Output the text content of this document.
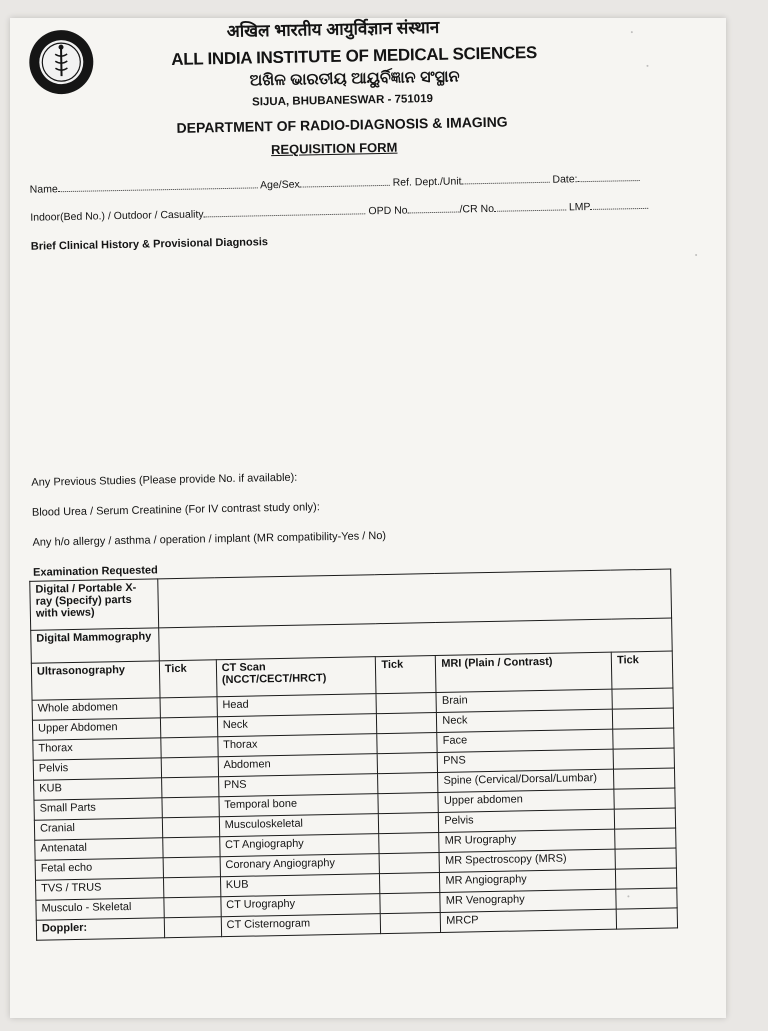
अखिल भारतीय आयुर्विज्ञान संस्थान
ALL INDIA INSTITUTE OF MEDICAL SCIENCES
ଅଖିଳ ଭାରତୀୟ ଆୟୁର୍ବିଜ୍ଞାନ ସଂସ୍ଥାନ
SIJUA, BHUBANESWAR - 751019
DEPARTMENT OF RADIO-DIAGNOSIS & IMAGING
REQUISITION FORM
Name	Age/Sex	Ref. Dept./Unit	Date:
Indoor(Bed No.) / Outdoor / Casuality	OPD No	/CR No	LMP
Brief Clinical History & Provisional Diagnosis
Any Previous Studies (Please provide No. if available):
Blood Urea / Serum Creatinine (For IV contrast study only):
Any h/o allergy / asthma / operation / implant (MR compatibility-Yes / No)
Examination Requested
Digital / Portable X-ray (Specify) parts with views)					
Digital Mammography					
Ultrasonography	Tick	CT Scan (NCCT/CECT/HRCT)	Tick	MRI (Plain / Contrast)	Tick
Whole abdomen		Head		Brain	
Upper Abdomen		Neck		Neck	
Thorax		Thorax		Face	
Pelvis		Abdomen		PNS	
KUB		PNS		Spine (Cervical/Dorsal/Lumbar)	
Small Parts		Temporal bone		Upper abdomen	
Cranial		Musculoskeletal		Pelvis	
Antenatal		CT Angiography		MR Urography	
Fetal echo		Coronary Angiography		MR Spectroscopy (MRS)	
TVS / TRUS		KUB		MR Angiography	
Musculo - Skeletal		CT Urography		MR Venography	
Doppler:		CT Cisternogram		MRCP	
